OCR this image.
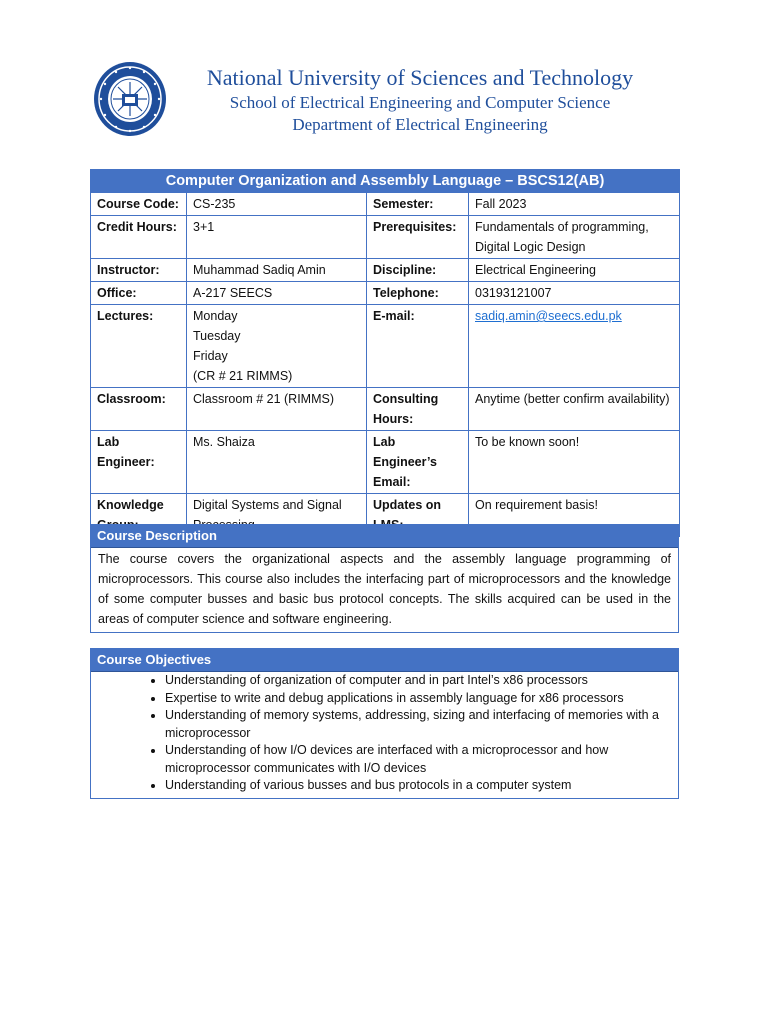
National University of Sciences and Technology
School of Electrical Engineering and Computer Science
Department of Electrical Engineering
Computer Organization and Assembly Language – BSCS12(AB)			
Course Code:	CS-235	Semester:	Fall 2023
Credit Hours:	3+1	Prerequisites:	Fundamentals of programming, Digital Logic Design
Instructor:	Muhammad Sadiq Amin	Discipline:	Electrical Engineering
Office:	A-217 SEECS	Telephone:	03193121007
Lectures:	Monday
Tuesday
Friday
(CR # 21 RIMMS)	E-mail:	sadiq.amin@seecs.edu.pk
Classroom:	Classroom # 21 (RIMMS)	Consulting Hours:	Anytime (better confirm availability)
Lab Engineer:	Ms. Shaiza	Lab Engineer’s Email:	To be known soon!
Knowledge	Digital Systems and Signal	Updates on	On requirement basis!
Course Description
The course covers the organizational aspects and the assembly language programming of microprocessors. This course also includes the interfacing part of microprocessors and the knowledge of some computer busses and basic bus protocol concepts. The skills acquired can be used in the areas of computer science and software engineering.
Course Objectives
• Understanding of organization of computer and in part Intel’s x86 processors
• Expertise to write and debug applications in assembly language for x86 processors
• Understanding of memory systems, addressing, sizing and interfacing of memories with a microprocessor
• Understanding of how I/O devices are interfaced with a microprocessor and how microprocessor communicates with I/O devices
• Understanding of various busses and bus protocols in a computer system
